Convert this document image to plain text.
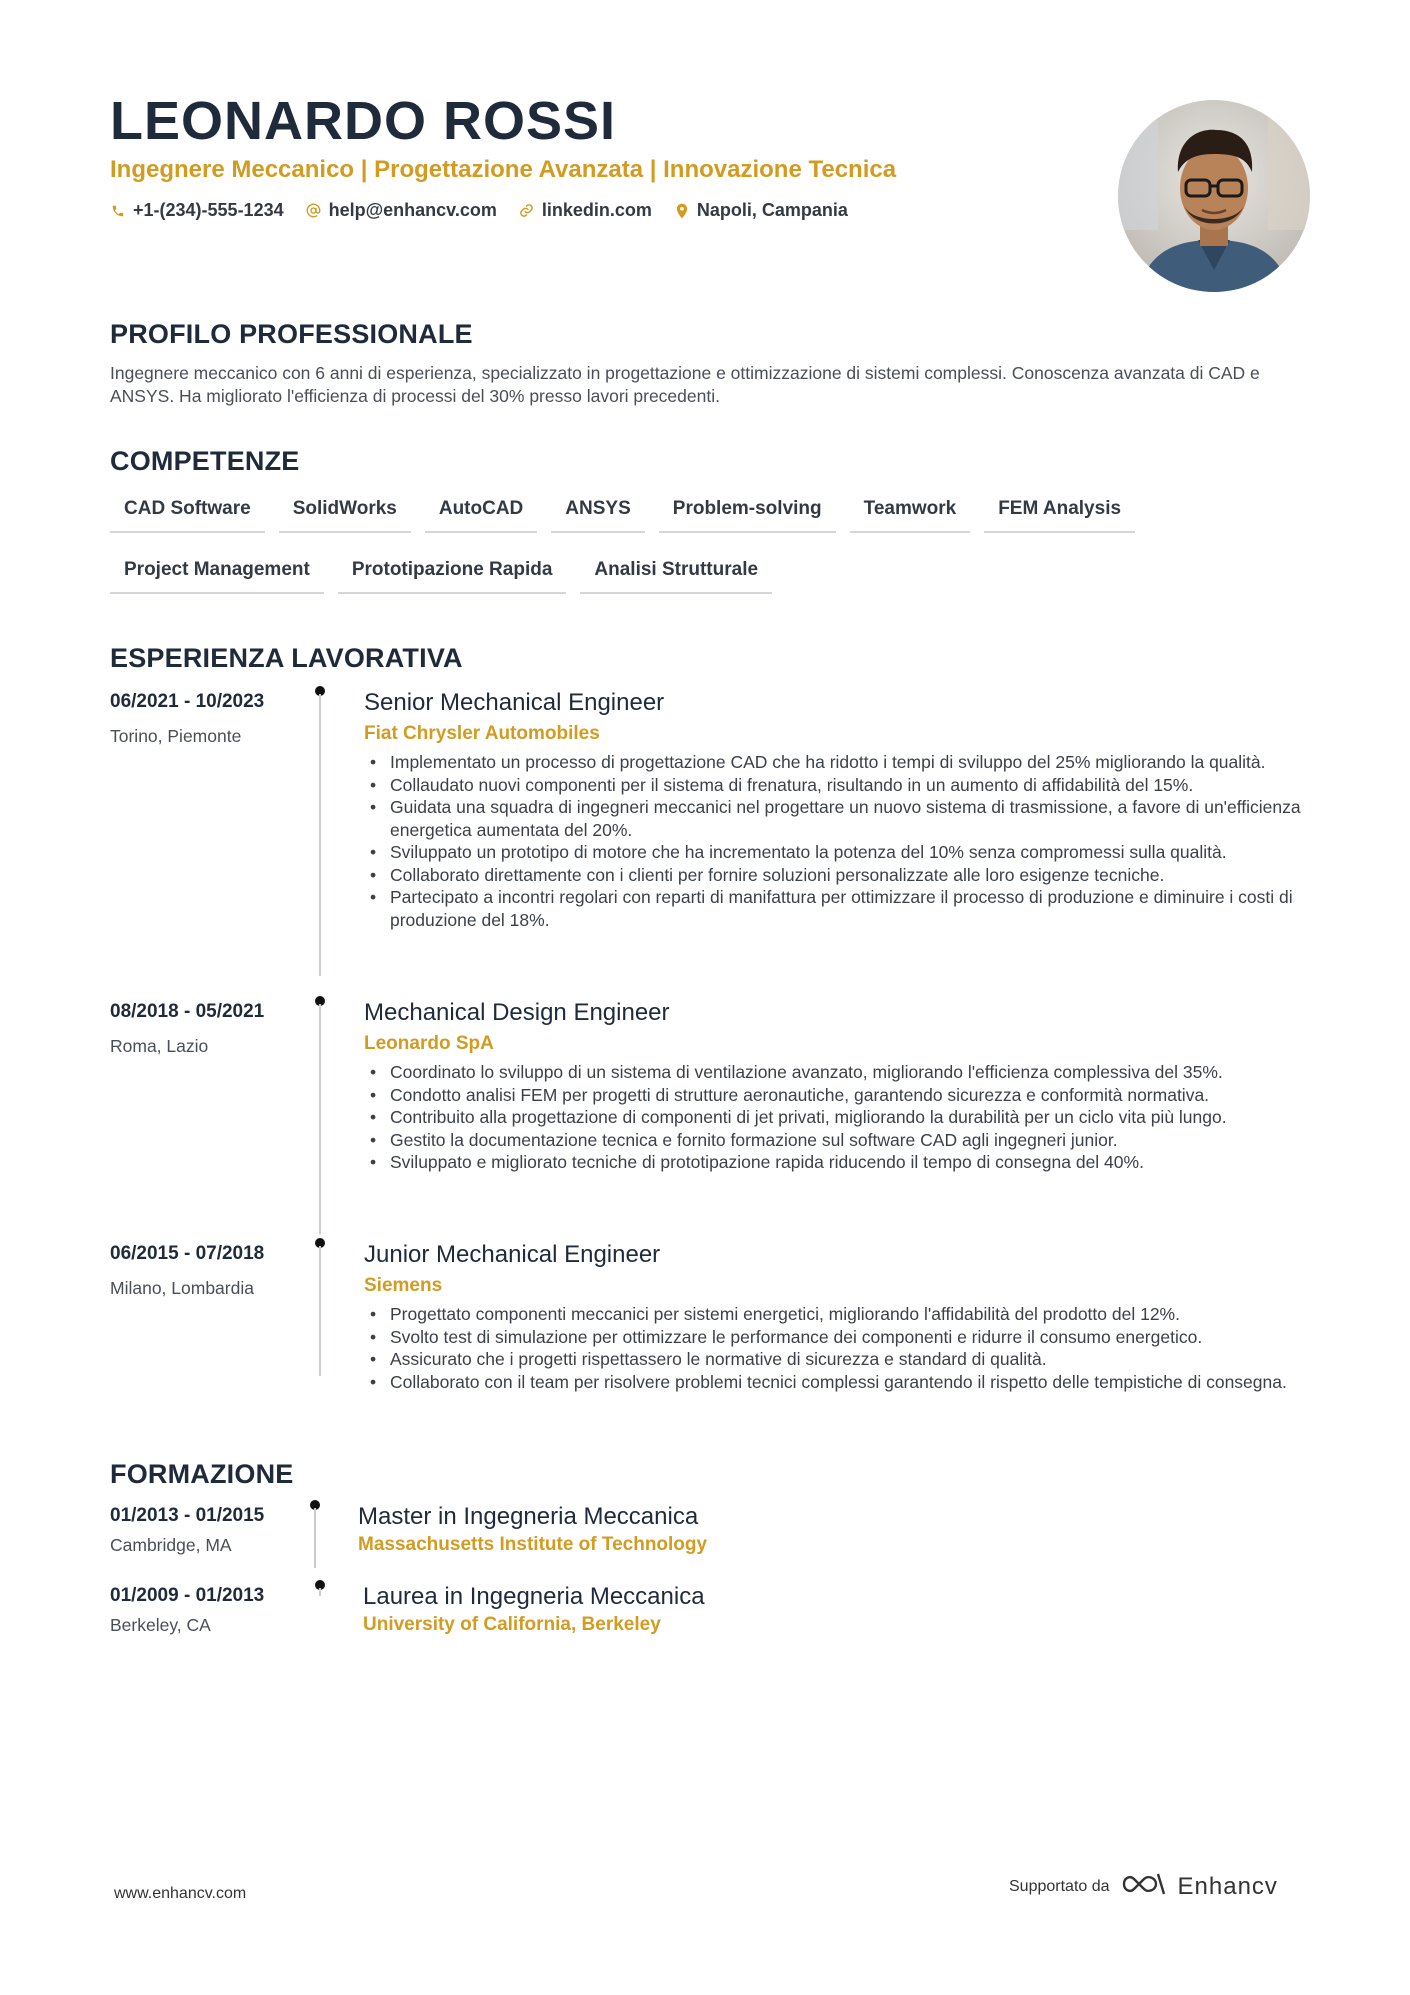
LEONARDO ROSSI
Ingegnere Meccanico | Progettazione Avanzata | Innovazione Tecnica
+1-(234)-555-1234	help@enhancv.com	linkedin.com	Napoli, Campania
PROFILO PROFESSIONALE
Ingegnere meccanico con 6 anni di esperienza, specializzato in progettazione e ottimizzazione di sistemi complessi. Conoscenza avanzata di CAD e ANSYS. Ha migliorato l'efficienza di processi del 30% presso lavori precedenti.
COMPETENZE
CAD Software	SolidWorks	AutoCAD	ANSYS	Problem-solving	Teamwork	FEM Analysis
Project Management	Prototipazione Rapida	Analisi Strutturale
ESPERIENZA LAVORATIVA
06/2021 - 10/2023
Torino, Piemonte
Senior Mechanical Engineer
Fiat Chrysler Automobiles
• Implementato un processo di progettazione CAD che ha ridotto i tempi di sviluppo del 25% migliorando la qualità.
• Collaudato nuovi componenti per il sistema di frenatura, risultando in un aumento di affidabilità del 15%.
• Guidata una squadra di ingegneri meccanici nel progettare un nuovo sistema di trasmissione, a favore di un'efficienza energetica aumentata del 20%.
• Sviluppato un prototipo di motore che ha incrementato la potenza del 10% senza compromessi sulla qualità.
• Collaborato direttamente con i clienti per fornire soluzioni personalizzate alle loro esigenze tecniche.
• Partecipato a incontri regolari con reparti di manifattura per ottimizzare il processo di produzione e diminuire i costi di produzione del 18%.
08/2018 - 05/2021
Roma, Lazio
Mechanical Design Engineer
Leonardo SpA
• Coordinato lo sviluppo di un sistema di ventilazione avanzato, migliorando l'efficienza complessiva del 35%.
• Condotto analisi FEM per progetti di strutture aeronautiche, garantendo sicurezza e conformità normativa.
• Contribuito alla progettazione di componenti di jet privati, migliorando la durabilità per un ciclo vita più lungo.
• Gestito la documentazione tecnica e fornito formazione sul software CAD agli ingegneri junior.
• Sviluppato e migliorato tecniche di prototipazione rapida riducendo il tempo di consegna del 40%.
06/2015 - 07/2018
Milano, Lombardia
Junior Mechanical Engineer
Siemens
• Progettato componenti meccanici per sistemi energetici, migliorando l'affidabilità del prodotto del 12%.
• Svolto test di simulazione per ottimizzare le performance dei componenti e ridurre il consumo energetico.
• Assicurato che i progetti rispettassero le normative di sicurezza e standard di qualità.
• Collaborato con il team per risolvere problemi tecnici complessi garantendo il rispetto delle tempistiche di consegna.
FORMAZIONE
01/2013 - 01/2015
Cambridge, MA
Master in Ingegneria Meccanica
Massachusetts Institute of Technology
01/2009 - 01/2013
Berkeley, CA
Laurea in Ingegneria Meccanica
University of California, Berkeley
www.enhancv.com	Supportato da	Enhancv
